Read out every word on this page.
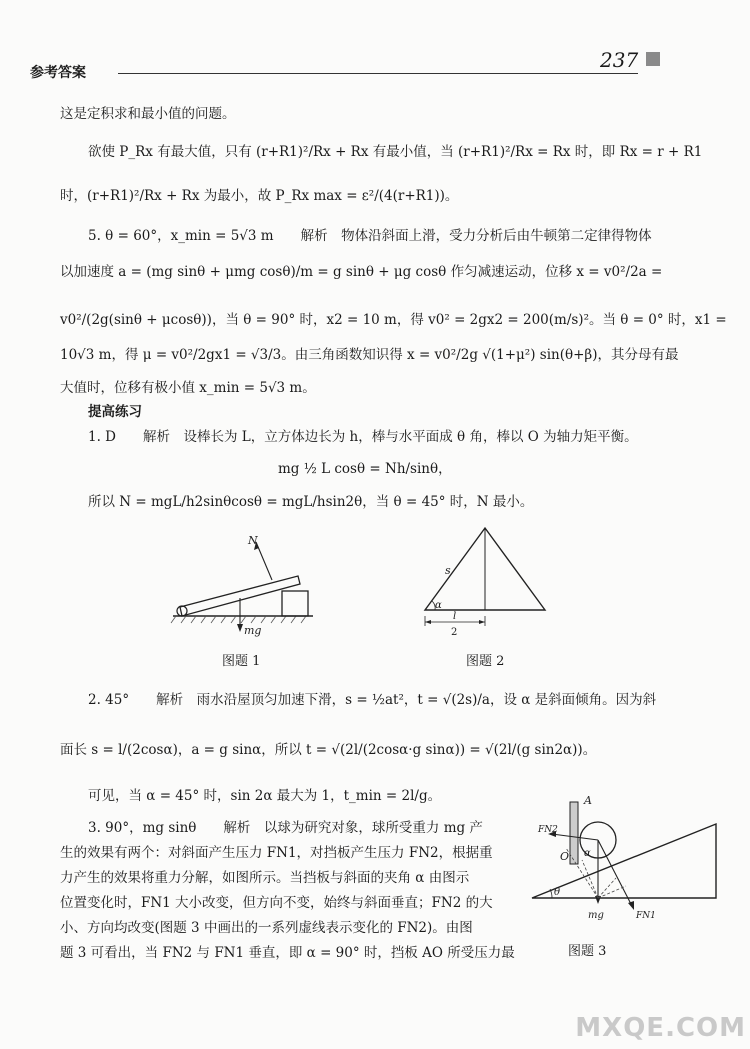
参考答案
237
这是定积求和最小值的问题。
欲使 P_Rx 有最大值，只有 (r+R1)²/Rx + Rx 有最小值，当 (r+R1)²/Rx = Rx 时，即 Rx = r + R1
时，(r+R1)²/Rx + Rx 为最小，故 P_Rx max = ε²/(4(r+R1))。
5. θ = 60°，x_min = 5√3 m　　解析　物体沿斜面上滑，受力分析后由牛顿第二定律得物体
以加速度 a = (mg sinθ + μmg cosθ)/m = g sinθ + μg cosθ 作匀减速运动，位移 x = v0²/2a =
v0²/(2g(sinθ + μcosθ))，当 θ = 90° 时，x2 = 10 m，得 v0² = 2gx2 = 200(m/s)²。当 θ = 0° 时，x1 =
10√3 m，得 μ = v0²/2gx1 = √3/3。由三角函数知识得 x = v0²/2g √(1+μ²) sin(θ+β)，其分母有最
大值时，位移有极小值 x_min = 5√3 m。
提高练习
1. D　　解析　设棒长为 L，立方体边长为 h，棒与水平面成 θ 角，棒以 O 为轴力矩平衡。
mg ½ L cosθ = Nh/sinθ，
所以 N = mgL/h2sinθcosθ = mgL/hsin2θ，当 θ = 45° 时，N 最小。
N
mg
图题 1
s
α
l
2
图题 2
2. 45°　　解析　雨水沿屋顶匀加速下滑，s = ½at²，t = √(2s)/a，设 α 是斜面倾角。因为斜
面长 s = l/(2cosα)，a = g sinα，所以 t = √(2l/(2cosα·g sinα)) = √(2l/(g sin2α))。
可见，当 α = 45° 时，sin 2α 最大为 1，t_min = 2l/g。
3. 90°，mg sinθ　　解析　以球为研究对象，球所受重力 mg 产
生的效果有两个：对斜面产生压力 FN1，对挡板产生压力 FN2，根据重
力产生的效果将重力分解，如图所示。当挡板与斜面的夹角 α 由图示
位置变化时，FN1 大小改变，但方向不变，始终与斜面垂直；FN2 的大
小、方向均改变(图题 3 中画出的一系列虚线表示变化的 FN2)。由图
题 3 可看出，当 FN2 与 FN1 垂直，即 α = 90° 时，挡板 AO 所受压力最
A
FN2
O α
θ
mg	FN1
图题 3
MXQE.COM
